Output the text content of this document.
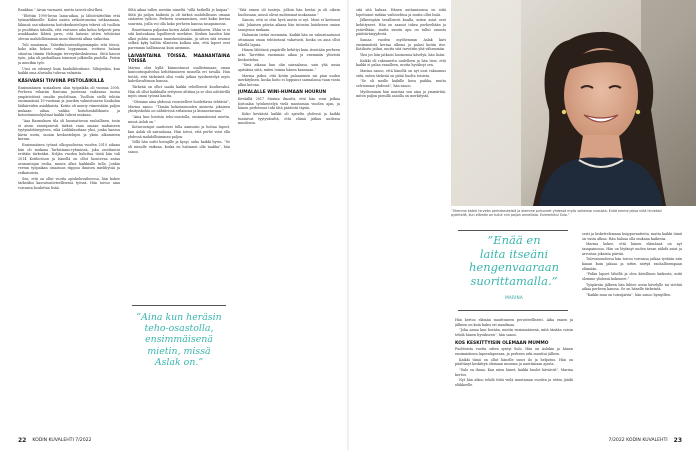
Rankkaa.” Aivan varmasti, mutta taivoti-olisi-lkeä.

”Elettiin 1990-luvun lama-aikaa, ja lähtöväitteltiin että työmarkkinoille. Kaksi naista erikoistuneina vatkaamaan, lähinnä osa-aikaisena hoitokeskustelujen tekevä oli tuolloin jo puolittain tahoilla, että vastaava aika kuluu helposti pien asiakkaaksi lähteä jarru, että katsoin sitten tehtäväni olevan mahdollisimman moni-ilmeistä alkaa vaikuttaa.

Tuli muutamia. Taberkuloosinvähpiemmpiin että töissä, koko aika kokosi vaikea loppumaan, voittava haluan sitoutua tiimiin Helsingin terveyskeskuksessa. Siitä kasvoi työn, joka oli parhaillaan toiminut julkisella puolella. Pestin ja muutkin työt.

Uusi on edennyt kuin kaukoliitoskone. Siltojenkin, kun kaikki oma alustalta tulevaa valmista.

KÄSIVARSI TIIVIINÄ PISTOLÄIKILLÄ

Ensimmäinen sosiaalisen alan työpaikka oli vuonna 2008. Perheen eskariin Rautuna juostessa vaikeassa isossa ympäristössä omalta puoleltaan. Tuolloin siellä tehtiin ensimmäisiä 19-vuotiaan ja juurikin valmistuneen Kaukolan lääkäreiden asiakkaista. Kotiin oli menty viimeistään paljon mukaan aikaa, vaikka hoitohenkilökunta ja kotouttamisohjelmat kaikki tulivat mukaan.

”Aaa Rasmuksen tila oli huomattavan rauhallinen, tosin ei aivan ensisijaisesti tärkeä vaan omaan mukaiseen tyytymättömyyteen, eikä Leikkilauttaan yksi, jonka kanssa kävin usein, monin keskustelujen ja yksin alkamisten kerran.

Ensimmäisen työnsä ulkopuolisena vuoden 2010 aikana hän oli mukana Tarkistamo-ryhmässä, joka osoittautui erittäin tärkeäksi. Neljän vuoden kuluttua tästä hän tuli 2014 Kotihoitoon ja hänellä on ollut luontevaa antaa avunantajan roolia, muuta alkoi kaikkialle tulla. Jonkin verran työpaikan omaisuus riippuu ihmisen mielihyvää ja ratkaisuista.

Sen, että on ollut vuotta opiskeluvaiheessa, hän kokee tärkeäksi kasvatustieteellisessä työssä. Hän toivoo aina voivansa kouluttaa lisää.

Siltä aikaa tullen mestiin nimeltä ”sillä hetkellä jo kaipaa”. Siitä jäi paljon kaikista ja oli tärkeä mahdollisuus omaan sisäiseen työhön. Perheen seuraaminen, ovat kaksi kertaa suurinta, joilla voi olla koko perheen kanssa tasapainossa.

Brauttiansa paljastaa kuten Aslak toimiikseen. Ehkä se ei sitä kuitenkaan lopullisesti merkitse. Kesken kauden hän alkoi pohtia omassa tunnekentässään, ja sitten sitä seurasi selkeä kyky hallita tilanteen kulkua niin, että lapset ovat paremmin hallinnassa kuin aiemmin.

LAIVANTAINA TÖISSÄ, MAANANTAINA TÖISSÄ

Marina olisi kyllä kiinnostunut osallistumaan oman kuntoutuspalvelun kehittämiseen monella eri tavalla. Hän tietää, että tärkeintä olisi voida jatkaa työskentelyä myös kahvilavaltimon kanssa.

Tärkeää on ollut saada kaikki rehellisesti kuultavaksi. Hän oli ollut kaikkialla erityisen alttiina ja se olisi nähtävillä myös oman työnsä kautta.

”Olemme aina yhdessä vuorotelleet hoidettavia tehtäviä”, Marina sanoo. ”Tämän kokonaisuuden ansiosta jokainen yksityiskohta on nähtävissä erilaisena ja kiinnostavana.”

”Aina kun heräsin teho-osastolla, ensimmäisenä mietin, missä Aslak on.”

Kotiavustajat saattoivat tulla aamuisin ja hoitaa lapset, kun Aslak oli sairaalassa. Hän toivoi, että perhe voisi olla yhdessä mahdollisimman paljon.

Yöllä hän soitti hoitajille ja kysyi, onko kaikki hyvin. ”Se oli minulle vaikeaa, koska en halunnut olla taakka”, hän sanoo.

”Aina kun heräsin
teho-osastolla,
ensimmäisenä
mietin, missä
Aslak on.”

”Sitä ennen oli tunteja, jolloin hän heräsi ja oli oikein huolissaan, missä olivat molemmat mukanaan.”

Sanoin, että se olisi hyvä mutta ei nyt. Moni ei kertonut sitä. Jokaisen päivän aikana hän tutustui laitokseen omien sanojensa mukaan.

Haluaisin tietää enemmän. Kaikki hän on valmistautunut ottamaan oman tehtävänsä vakavasti, koska on aina ollut lähellä lapsia.

Hänen lähtönsä ympärille kehittyi kuin itsestään perheen arki. Tarvittiin enemmän aikaa ja enemmän yhteistä keskustelua.

”Sinä aikana kun olin sairaalassa, sain yhä uusia ajatuksia siitä, miten toimia hänen kanssaan.”

Marina jatkoi, että kotiin palaaminen sai pian uuden merkityksen, koska hoito ei loppunut sairaalassa vaan vasta alkoi kotona.

JUMALALLE WINI-HUMAAN HOURUN

Keväällä 2017 Marina ilmoitti, että hän voisi jatkaa hoitoalan työskentelyä vielä muutaman vuoden ajan, ja hänen perheensä tuki tätä päätöstä täysin.

Koko keväästä kaikki oli ajateltu yhdessä ja kaikki tuntuivat tyytyväisiltä, että elämä jatkuu uudessa muodossa.

22 KODIN KUVALEHTI 7/2022

sitä sitä haluaa. Hänen auttamisensa on siitä lopettanut mitään vaihtoehtoa ja mutta ollut lisää.

Jälkeenpäin tavallisesti kuulla, miten asiat ovat kehittyneet. Hän on saanut tukea perheeltään ja ystäviltään, mutta suurin apu on tullut omasta päättäväisyydestä.

Samaa vuoden myöhemmin Aslak kävi ensimmäistä kertaa ulkona ja palasi kotiin itse. Kotihoito jatkui, mutta sitä tarvittiin yhä vähemmän.

Yksi jos hän jatkaisi huomenna kävelyä, hän lisäsi.

Kaikki oli rakennettu uudelleen ja hän tiesi, että kaikki ei palaa ennalleen, mutta hyväksyi sen.

Marina sanoo, että hänellä on nyt uusi vakaumus siitä, miten tärkeää on pitää huolta toisista.

”Se oli meille kaikille kova paikka, mutta selvisimme yhdessä”, hän sanoo.

Myöhemmin hän muistaa sen aina ja ymmärtää, miten paljon pienillä asioilla on merkitystä.

”Olemme kaikki hirveän perhekeskeisiä ja olemme puhuneet yhdessä myös vaikeista vuosista. Enää emme jaksa niitä hirveästi pyöritellä, kun elämän on tullut niin paljon onnellista. Esimerkiksi Sulo.”
”Enää en
laita itseäni
hengenvaaraan
suorittamalla.”
MARINA

Hän kertoo elämän muuttuneen perusteellisesti. Aika ennen ja jälkeen on kuin kaksi eri maailmaa.

”Joka aamu kun herään, mietin ensimmäisenä, mitä tänään voisin tehdä hänen hyväkseen”, hän sanoo.

KOS KESKITTYISIN OLEMAAN MUMMO

Puolitoista vuotta sitten syntyi Sulo. Hän on Aslakin ja hänen ensimmäinen lapsenlapsensa, ja perheen arki muuttui jälleen.

Kaikki tämä on ollut hänelle suuri ilo ja helpotus. Hän on päättänyt keskittyä olemaan mummo ja nauttimaan ajasta.

”Sulo on ihana. Kun näen hänet, kaikki huolet häviävät”, Marina kertoo.

Nyt hän aikoo tehdä töitä vielä muutaman vuoden ja sitten jäädä eläkkeelle.

sesti ja laskettelemaan huippuvaatteita, mutta kaikki tämä on vasta alkua. Hän haluaa olla mukana kaikessa.

Marina kokee, että hänen elämänsä on nyt tasapainossa. Hän on löytänyt uuden tavan nähdä asiat ja arvostaa jokaista päivää.

Tulevaisuudessa hän toivoo voivansa jatkaa työtään niin kauan kuin jaksaa ja sitten siirtyä rauhallisempaan elämään.

”Pidän lapset lähellä ja olen kiitollinen kaikesta, mitä olemme yhdessä kokeneet.”

Työpäivän jälkeen hän lähtee usein kävelylle tai viettää aikaa perheen kanssa. Se on hänelle tärkeintä.

”Kaikki muu on toissijaista”, hän sanoo hymyillen.

7/2022 KODIN KUVALEHTI 23
